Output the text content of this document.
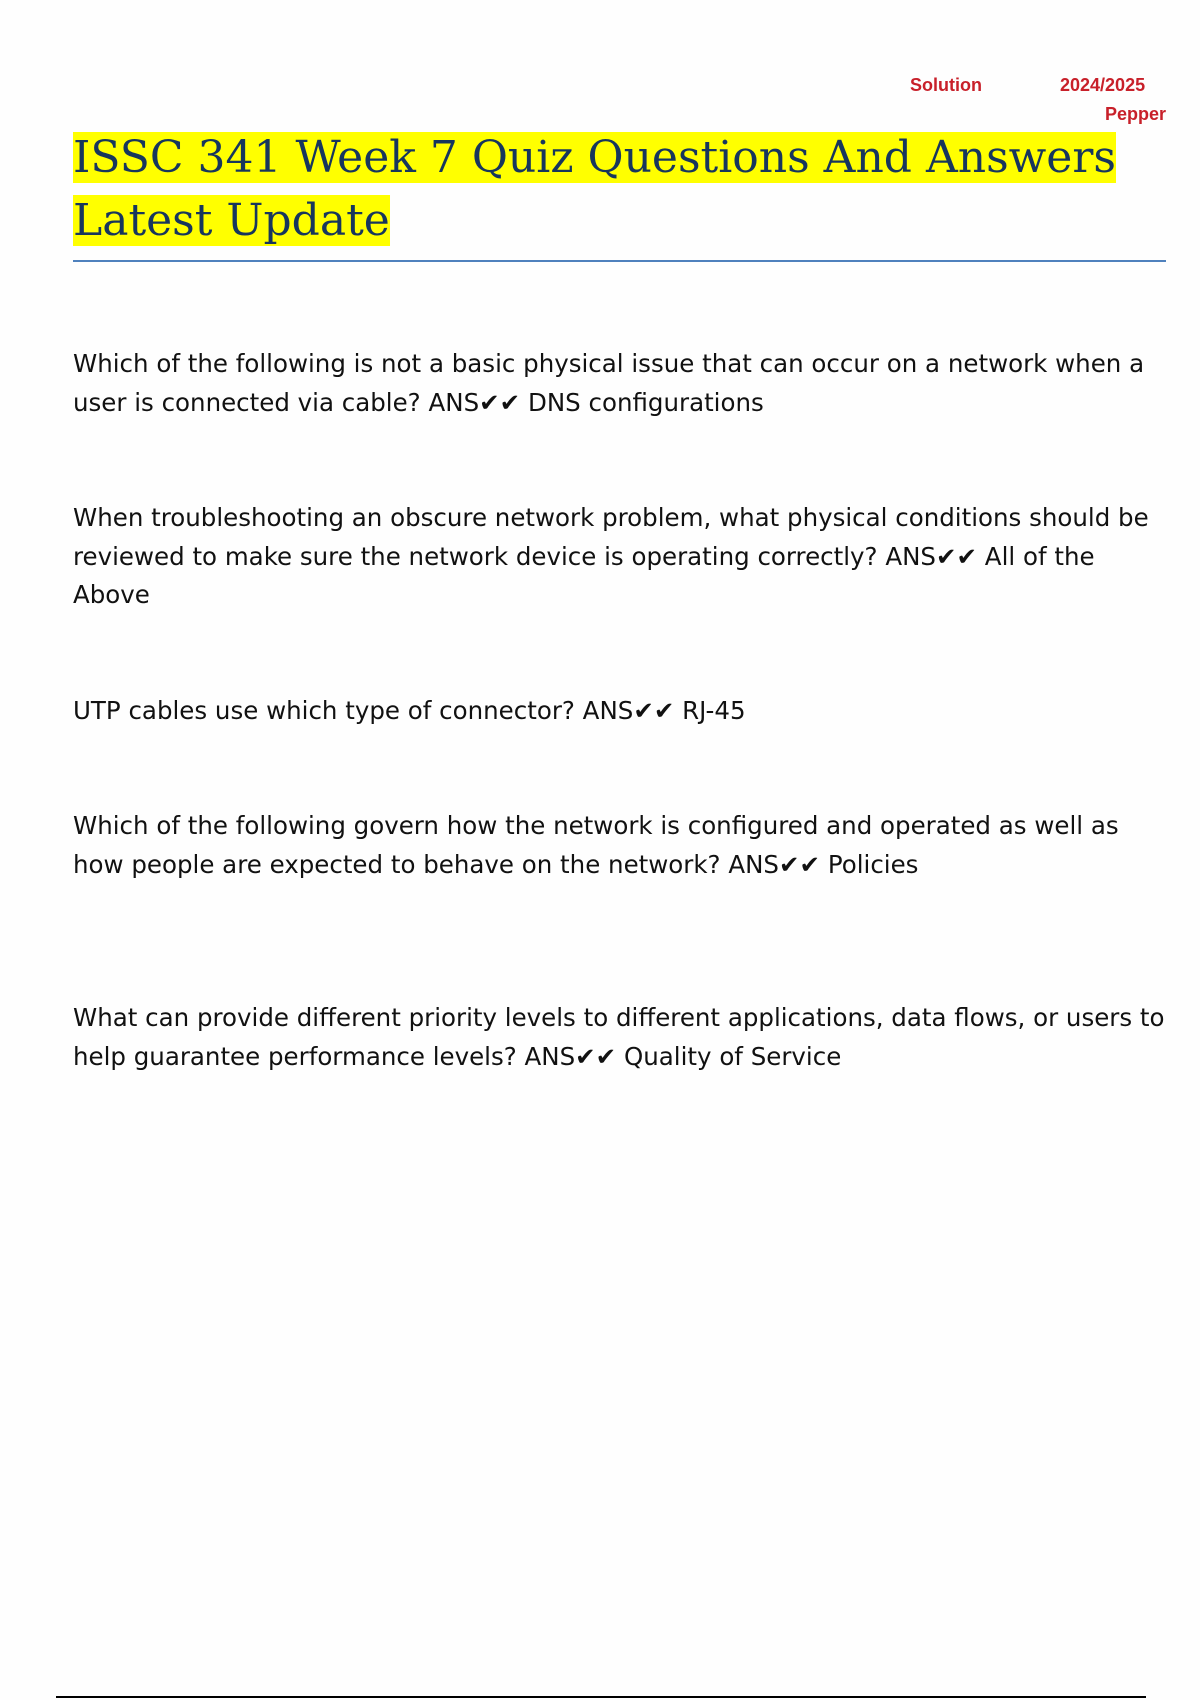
Solution	2024/2025
Pepper
ISSC 341 Week 7 Quiz Questions And Answers Latest Update

Which of the following is not a basic physical issue that can occur on a network when a user is connected via cable? ANS✔✔ DNS configurations

When troubleshooting an obscure network problem, what physical conditions should be reviewed to make sure the network device is operating correctly? ANS✔✔ All of the Above

UTP cables use which type of connector? ANS✔✔ RJ-45

Which of the following govern how the network is configured and operated as well as how people are expected to behave on the network? ANS✔✔ Policies

What can provide different priority levels to different applications, data flows, or users to help guarantee performance levels? ANS✔✔ Quality of Service
